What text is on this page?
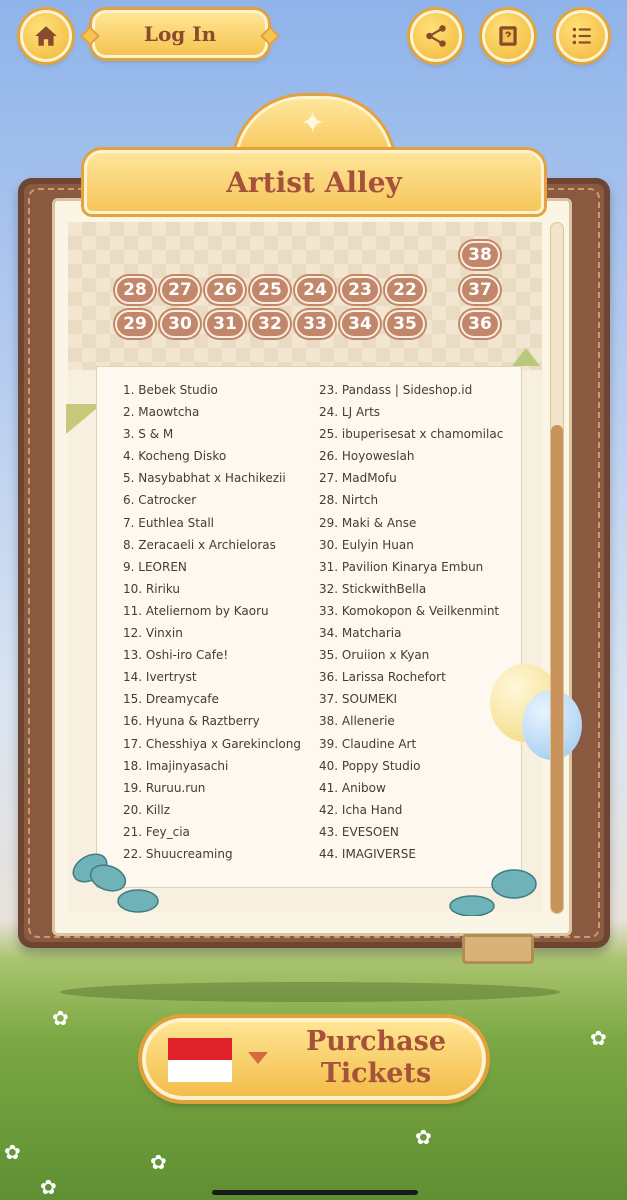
✿
✿
✿
✿
✿
✿
Log In
28	27	26	25	24	23	22
29	30	31	32	33	34	35
38
37
36
1. Bebek Studio
2. Maowtcha
3. S & M
4. Kocheng Disko
5. Nasybabhat x Hachikezii
6. Catrocker
7. Euthlea Stall
8. Zeracaeli x Archieloras
9. LEOREN
10. Ririku
11. Ateliernom by Kaoru
12. Vinxin
13. Oshi-iro Cafe!
14. Ivertryst
15. Dreamycafe
16. Hyuna & Raztberry
17. Chesshiya x Garekinclong
18. Imajinyasachi
19. Ruruu.run
20. Killz
21. Fey_cia
22. Shuucreaming
23. Pandass | Sideshop.id
24. LJ Arts
25. ibuperisesat x chamomilac
26. Hoyoweslah
27. MadMofu
28. Nirtch
29. Maki & Anse
30. Eulyin Huan
31. Pavilion Kinarya Embun
32. StickwithBella
33. Komokopon & Veilkenmint
34. Matcharia
35. Oruiion x Kyan
36. Larissa Rochefort
37. SOUMEKI
38. Allenerie
39. Claudine Art
40. Poppy Studio
41. Anibow
42. Icha Hand
43. EVESOEN
44. IMAGIVERSE
✦
Artist Alley
Purchase
Tickets
